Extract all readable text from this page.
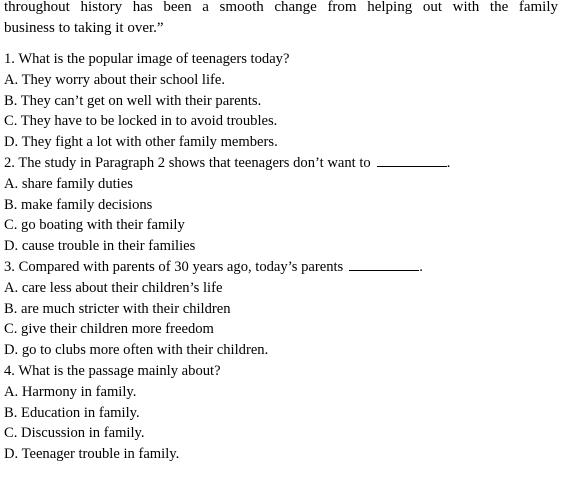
throughout history has been a smooth change from helping out with the family
business to taking it over.”

1. What is the popular image of teenagers today?

A. They worry about their school life.

B. They can’t get on well with their parents.

C. They have to be locked in to avoid troubles.

D. They fight a lot with other family members.

2. The study in Paragraph 2 shows that teenagers don’t want to	.

A. share family duties

B. make family decisions

C. go boating with their family

D. cause trouble in their families

3. Compared with parents of 30 years ago, today’s parents	.

A. care less about their children’s life

B. are much stricter with their children

C. give their children more freedom

D. go to clubs more often with their children.

4. What is the passage mainly about?

A. Harmony in family.

B. Education in family.

C. Discussion in family.

D. Teenager trouble in family.
